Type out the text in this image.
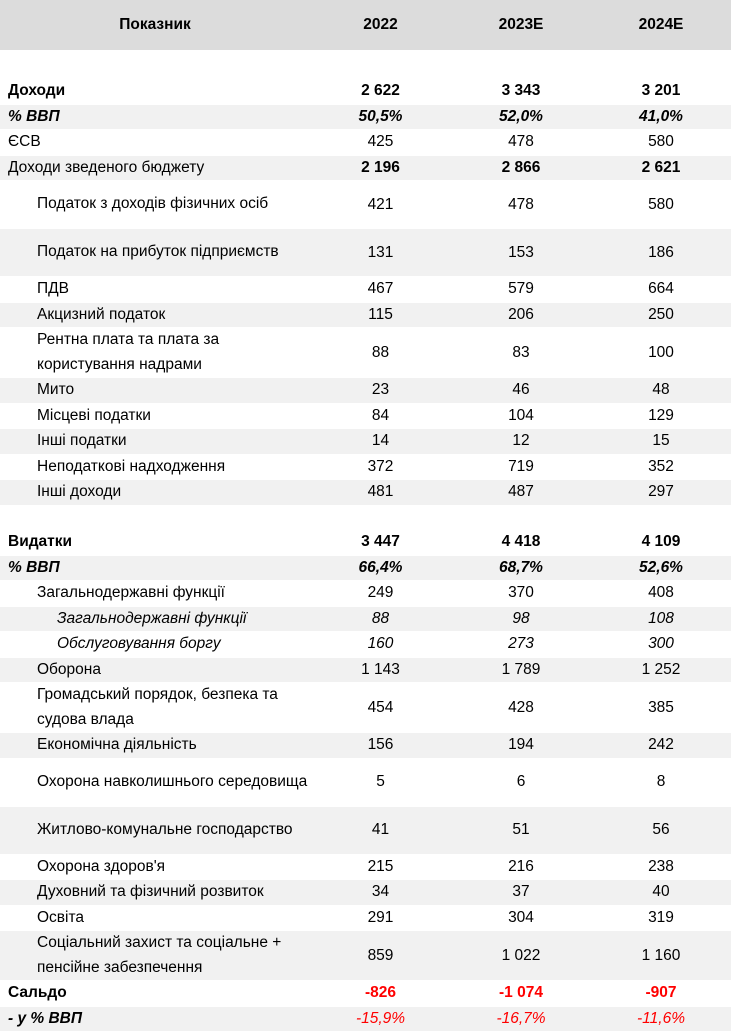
Показник	2022	2023E	2024E

Доходи	2 622	3 343	3 201
% ВВП	50,5%	52,0%	41,0%
ЄСВ	425	478	580
Доходи зведеного бюджету	2 196	2 866	2 621
Податок з доходів фізичних осіб	421	478	580
Податок на прибуток підприємств	131	153	186
ПДВ	467	579	664
Акцизний податок	115	206	250
Рентна плата та плата за користування надрами	88	83	100
Мито	23	46	48
Місцеві податки	84	104	129
Інші податки	14	12	15
Неподаткові надходження	372	719	352
Інші доходи	481	487	297

Видатки	3 447	4 418	4 109
% ВВП	66,4%	68,7%	52,6%
Загальнодержавні функції	249	370	408
Загальнодержавні функції	88	98	108
Обслуговування боргу	160	273	300
Оборона	1 143	1 789	1 252
Громадський порядок, безпека та судова влада	454	428	385
Економічна діяльність	156	194	242
Охорона навколишнього середовища	5	6	8
Житлово-комунальне господарство	41	51	56
Охорона здоров'я	215	216	238
Духовний та фізичний розвиток	34	37	40
Освіта	291	304	319
Соціальний захист та соціальне + пенсійне забезпечення	859	1 022	1 160
Сальдо	-826	-1 074	-907
- у % ВВП	-15,9%	-16,7%	-11,6%
